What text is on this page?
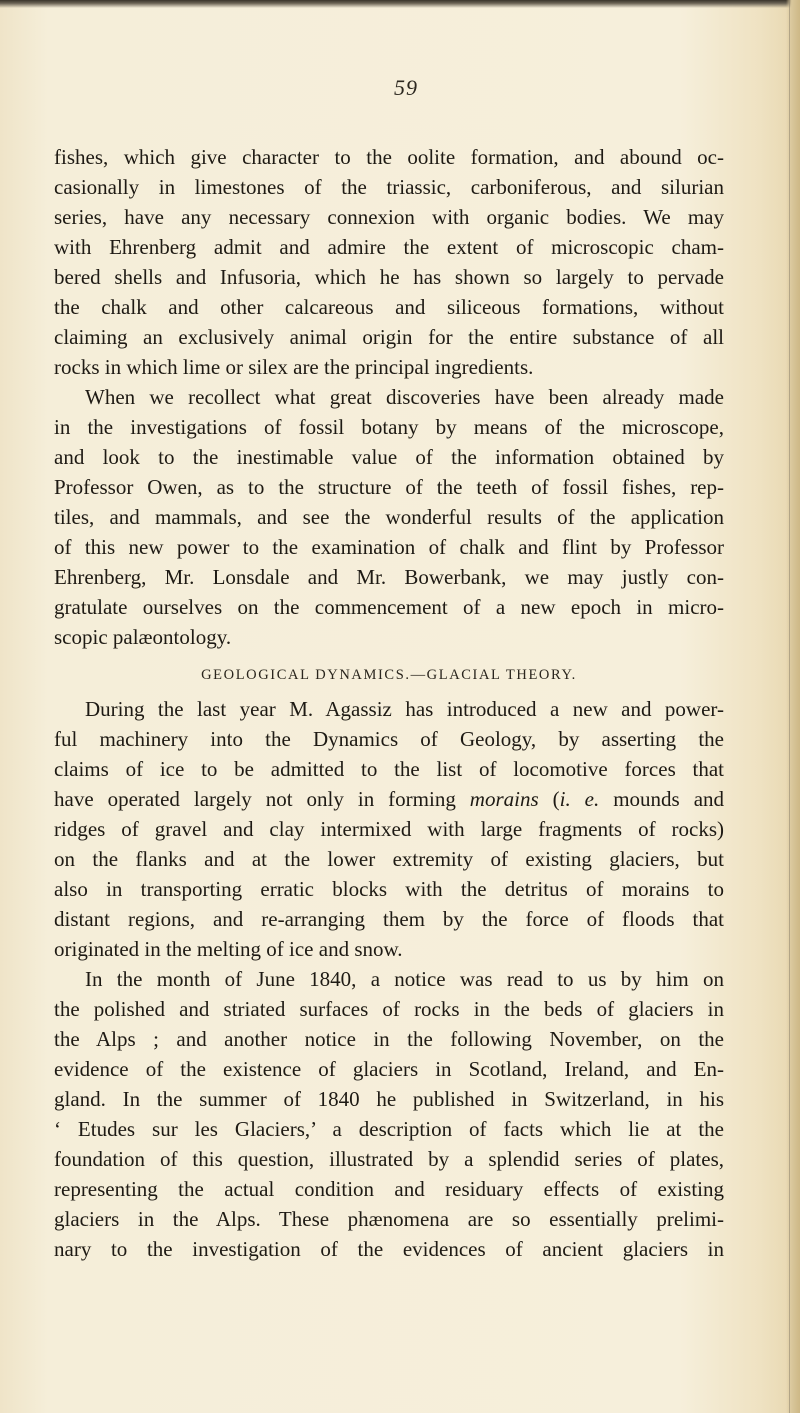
59
fishes, which give character to the oolite formation, and abound oc-
casionally in limestones of the triassic, carboniferous, and silurian
series, have any necessary connexion with organic bodies. We may
with Ehrenberg admit and admire the extent of microscopic cham-
bered shells and Infusoria, which he has shown so largely to pervade
the chalk and other calcareous and siliceous formations, without
claiming an exclusively animal origin for the entire substance of all
rocks in which lime or silex are the principal ingredients.
When we recollect what great discoveries have been already made
in the investigations of fossil botany by means of the microscope,
and look to the inestimable value of the information obtained by
Professor Owen, as to the structure of the teeth of fossil fishes, rep-
tiles, and mammals, and see the wonderful results of the application
of this new power to the examination of chalk and flint by Professor
Ehrenberg, Mr. Lonsdale and Mr. Bowerbank, we may justly con-
gratulate ourselves on the commencement of a new epoch in micro-
scopic palæontology.
GEOLOGICAL DYNAMICS.—GLACIAL THEORY.
During the last year M. Agassiz has introduced a new and power-
ful machinery into the Dynamics of Geology, by asserting the
claims of ice to be admitted to the list of locomotive forces that
have operated largely not only in forming morains (i. e. mounds and
ridges of gravel and clay intermixed with large fragments of rocks)
on the flanks and at the lower extremity of existing glaciers, but
also in transporting erratic blocks with the detritus of morains to
distant regions, and re-arranging them by the force of floods that
originated in the melting of ice and snow.
In the month of June 1840, a notice was read to us by him on
the polished and striated surfaces of rocks in the beds of glaciers in
the Alps ; and another notice in the following November, on the
evidence of the existence of glaciers in Scotland, Ireland, and En-
gland. In the summer of 1840 he published in Switzerland, in his
‘ Etudes sur les Glaciers,’ a description of facts which lie at the
foundation of this question, illustrated by a splendid series of plates,
representing the actual condition and residuary effects of existing
glaciers in the Alps. These phænomena are so essentially prelimi-
nary to the investigation of the evidences of ancient glaciers in
